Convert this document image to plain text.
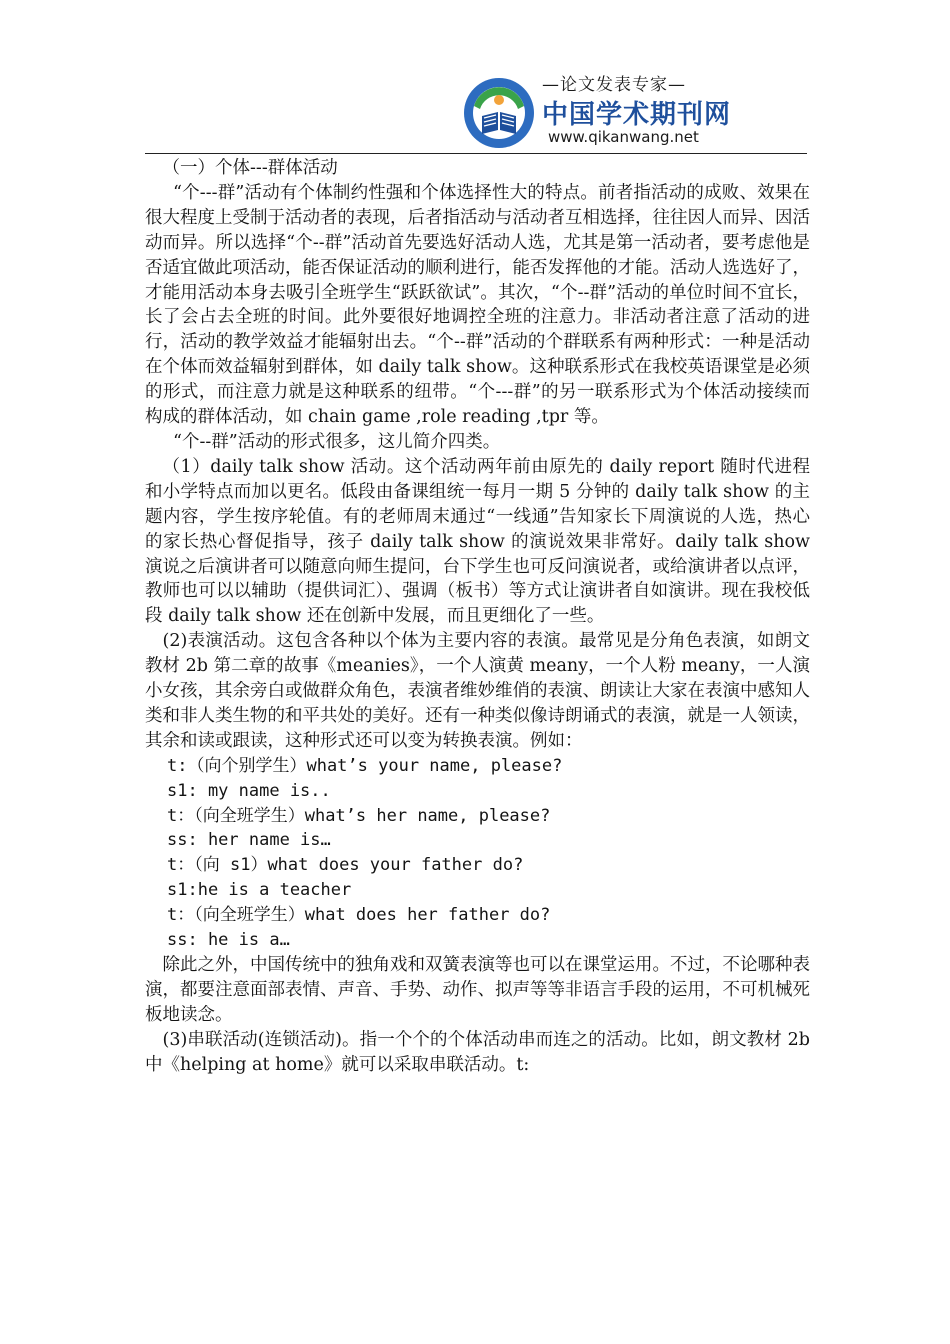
—论文发表专家—
中国学术期刊网
www.qikanwang.net

（一）个体---群体活动

“个---群”活动有个体制约性强和个体选择性大的特点。前者指活动的成败、效果在很大程度上受制于活动者的表现，后者指活动与活动者互相选择，往往因人而异、因活动而异。所以选择“个--群”活动首先要选好活动人选，尤其是第一活动者，要考虑他是否适宜做此项活动，能否保证活动的顺利进行，能否发挥他的才能。活动人选选好了，才能用活动本身去吸引全班学生“跃跃欲试”。其次，“个--群”活动的单位时间不宜长，长了会占去全班的时间。此外要很好地调控全班的注意力。非活动者注意了活动的进行，活动的教学效益才能辐射出去。“个--群”活动的个群联系有两种形式：一种是活动在个体而效益辐射到群体，如 daily talk show。这种联系形式在我校英语课堂是必须的形式，而注意力就是这种联系的纽带。“个---群”的另一联系形式为个体活动接续而构成的群体活动，如 chain game ,role reading ,tpr 等。

“个--群”活动的形式很多，这儿简介四类。

（1）daily talk show 活动。这个活动两年前由原先的 daily report 随时代进程和小学特点而加以更名。低段由备课组统一每月一期 5 分钟的 daily talk show 的主题内容，学生按序轮值。有的老师周末通过“一线通”告知家长下周演说的人选，热心的家长热心督促指导，孩子 daily talk show 的演说效果非常好。daily talk show 演说之后演讲者可以随意向师生提问，台下学生也可反问演说者，或给演讲者以点评，教师也可以以辅助（提供词汇）、强调（板书）等方式让演讲者自如演讲。现在我校低段 daily talk show 还在创新中发展，而且更细化了一些。

(2)表演活动。这包含各种以个体为主要内容的表演。最常见是分角色表演，如朗文教材 2b 第二章的故事《meanies》，一个人演黄 meany，一个人粉 meany，一人演小女孩，其余旁白或做群众角色，表演者维妙维俏的表演、朗读让大家在表演中感知人类和非人类生物的和平共处的美好。还有一种类似像诗朗诵式的表演，就是一人领读，其余和读或跟读，这种形式还可以变为转换表演。例如：

t:（向个别学生）what’s your name, please?

s1: my name is..

t：（向全班学生）what’s her name, please?

ss: her name is…

t：（向 s1）what does your father do?

s1:he is a teacher

t：（向全班学生）what does her father do?

ss: he is a…

除此之外，中国传统中的独角戏和双簧表演等也可以在课堂运用。不过，不论哪种表演，都要注意面部表情、声音、手势、动作、拟声等等非语言手段的运用，不可机械死板地读念。

(3)串联活动(连锁活动)。指一个个的个体活动串而连之的活动。比如，朗文教材 2b 中《helping at home》就可以采取串联活动。t:
